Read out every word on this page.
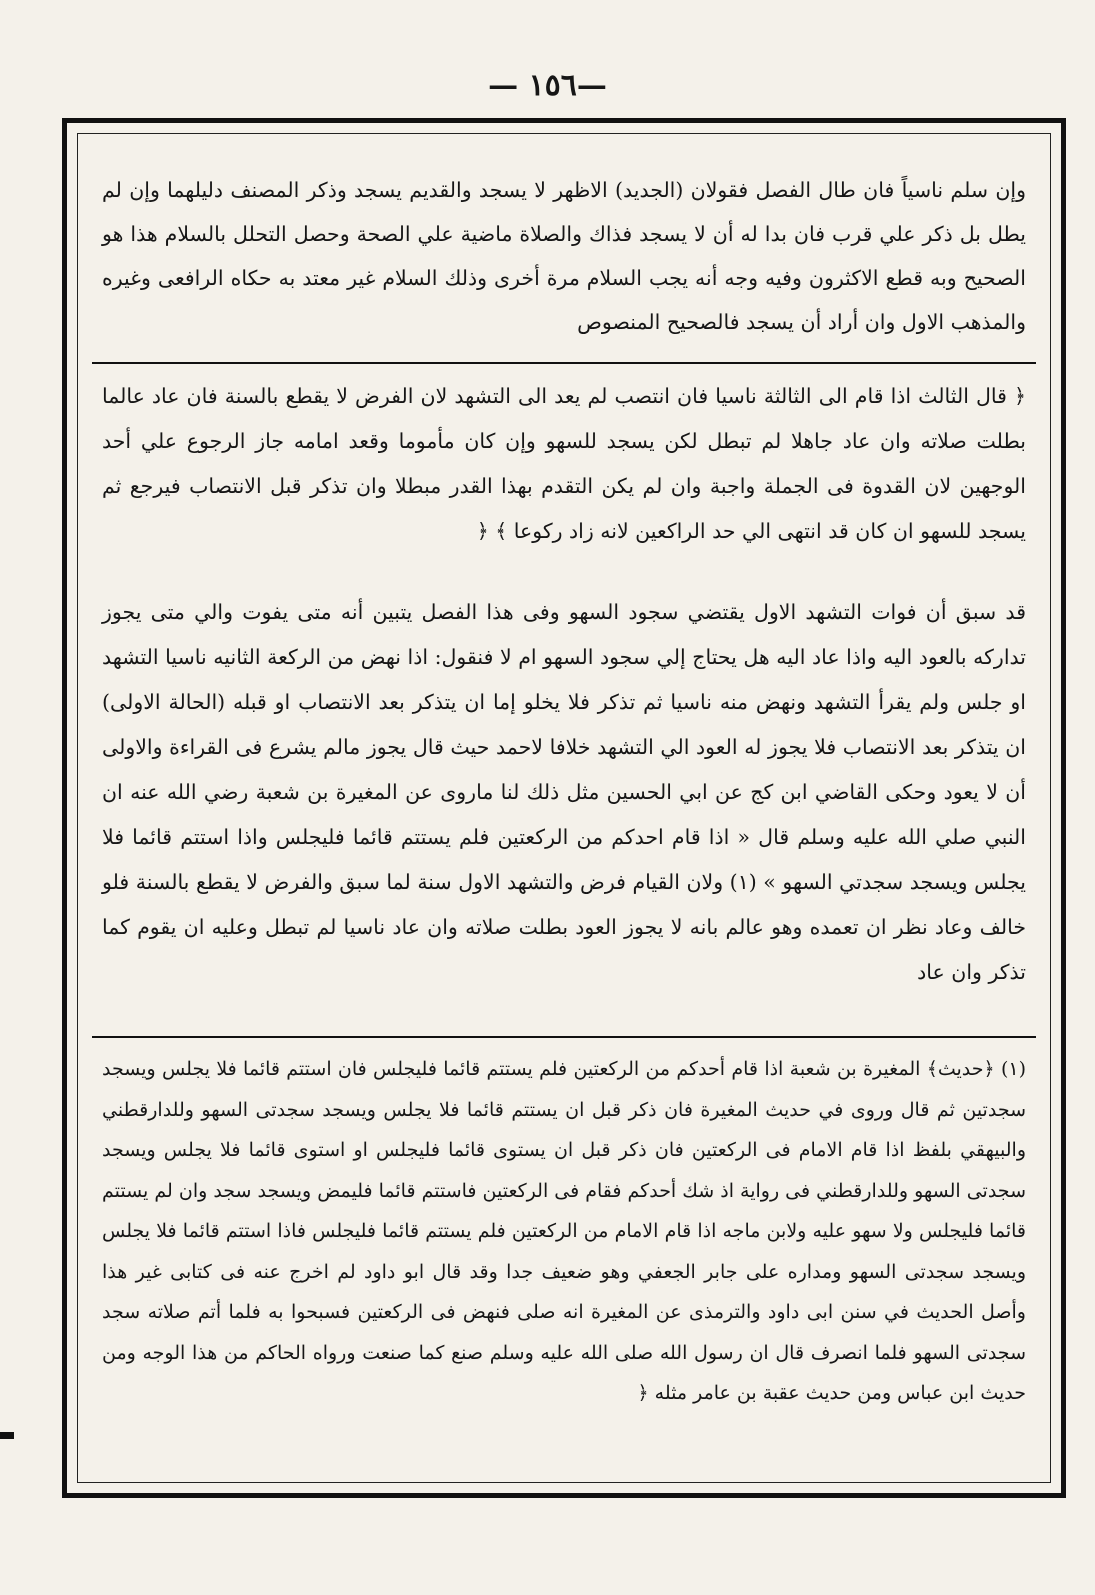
— ١٥٦—

وإن سلم ناسياً فان طال الفصل فقولان (الجديد) الاظهر لا يسجد والقديم يسجد وذكر المصنف دليلهما وإن لم يطل بل ذكر علي قرب فان بدا له أن لا يسجد فذاك والصلاة ماضية علي الصحة وحصل التحلل بالسلام هذا هو الصحيح وبه قطع الاكثرون وفيه وجه أنه يجب السلام مرة أخرى وذلك السلام غير معتد به حكاه الرافعى وغيره والمذهب الاول وان أراد أن يسجد فالصحيح المنصوص

﴿ قال الثالث اذا قام الى الثالثة ناسيا فان انتصب لم يعد الى التشهد لان الفرض لا يقطع بالسنة فان عاد عالما بطلت صلاته وان عاد جاهلا لم تبطل لكن يسجد للسهو وإن كان مأموما وقعد امامه جاز الرجوع علي أحد الوجهين لان القدوة فى الجملة واجبة وان لم يكن التقدم بهذا القدر مبطلا وان تذكر قبل الانتصاب فيرجع ثم يسجد للسهو ان كان قد انتهى الي حد الراكعين لانه زاد ركوعا ﴾ ﴿

قد سبق أن فوات التشهد الاول يقتضي سجود السهو وفى هذا الفصل يتبين أنه متى يفوت والي متى يجوز تداركه بالعود اليه واذا عاد اليه هل يحتاج إلي سجود السهو ام لا فنقول: اذا نهض من الركعة الثانيه ناسيا التشهد او جلس ولم يقرأ التشهد ونهض منه ناسيا ثم تذكر فلا يخلو إما ان يتذكر بعد الانتصاب او قبله (الحالة الاولى) ان يتذكر بعد الانتصاب فلا يجوز له العود الي التشهد خلافا لاحمد حيث قال يجوز مالم يشرع فى القراءة والاولى أن لا يعود وحكى القاضي ابن كج عن ابي الحسين مثل ذلك لنا ماروى عن المغيرة بن شعبة رضي الله عنه ان النبي صلي الله عليه وسلم قال « اذا قام احدكم من الركعتين فلم يستتم قائما فليجلس واذا استتم قائما فلا يجلس ويسجد سجدتي السهو » (١) ولان القيام فرض والتشهد الاول سنة لما سبق والفرض لا يقطع بالسنة فلو خالف وعاد نظر ان تعمده وهو عالم بانه لا يجوز العود بطلت صلاته وان عاد ناسيا لم تبطل وعليه ان يقوم كما تذكر وان عاد

(١) ﴿حديث﴾ المغيرة بن شعبة اذا قام أحدكم من الركعتين فلم يستتم قائما فليجلس فان استتم قائما فلا يجلس ويسجد سجدتين ثم قال وروى في حديث المغيرة فان ذكر قبل ان يستتم قائما فلا يجلس ويسجد سجدتى السهو وللدارقطني والبيهقي بلفظ اذا قام الامام فى الركعتين فان ذكر قبل ان يستوى قائما فليجلس او استوى قائما فلا يجلس ويسجد سجدتى السهو وللدارقطني فى رواية اذ شك أحدكم فقام فى الركعتين فاستتم قائما فليمض ويسجد سجد وان لم يستتم قائما فليجلس ولا سهو عليه ولابن ماجه اذا قام الامام من الركعتين فلم يستتم قائما فليجلس فاذا استتم قائما فلا يجلس ويسجد سجدتى السهو ومداره على جابر الجعفي وهو ضعيف جدا وقد قال ابو داود لم اخرج عنه فى كتابى غير هذا وأصل الحديث في سنن ابى داود والترمذى عن المغيرة انه صلى فنهض فى الركعتين فسبحوا به فلما أتم صلاته سجد سجدتى السهو فلما انصرف قال ان رسول الله صلى الله عليه وسلم صنع كما صنعت ورواه الحاكم من هذا الوجه ومن حديث ابن عباس ومن حديث عقبة بن عامر مثله ﴿
